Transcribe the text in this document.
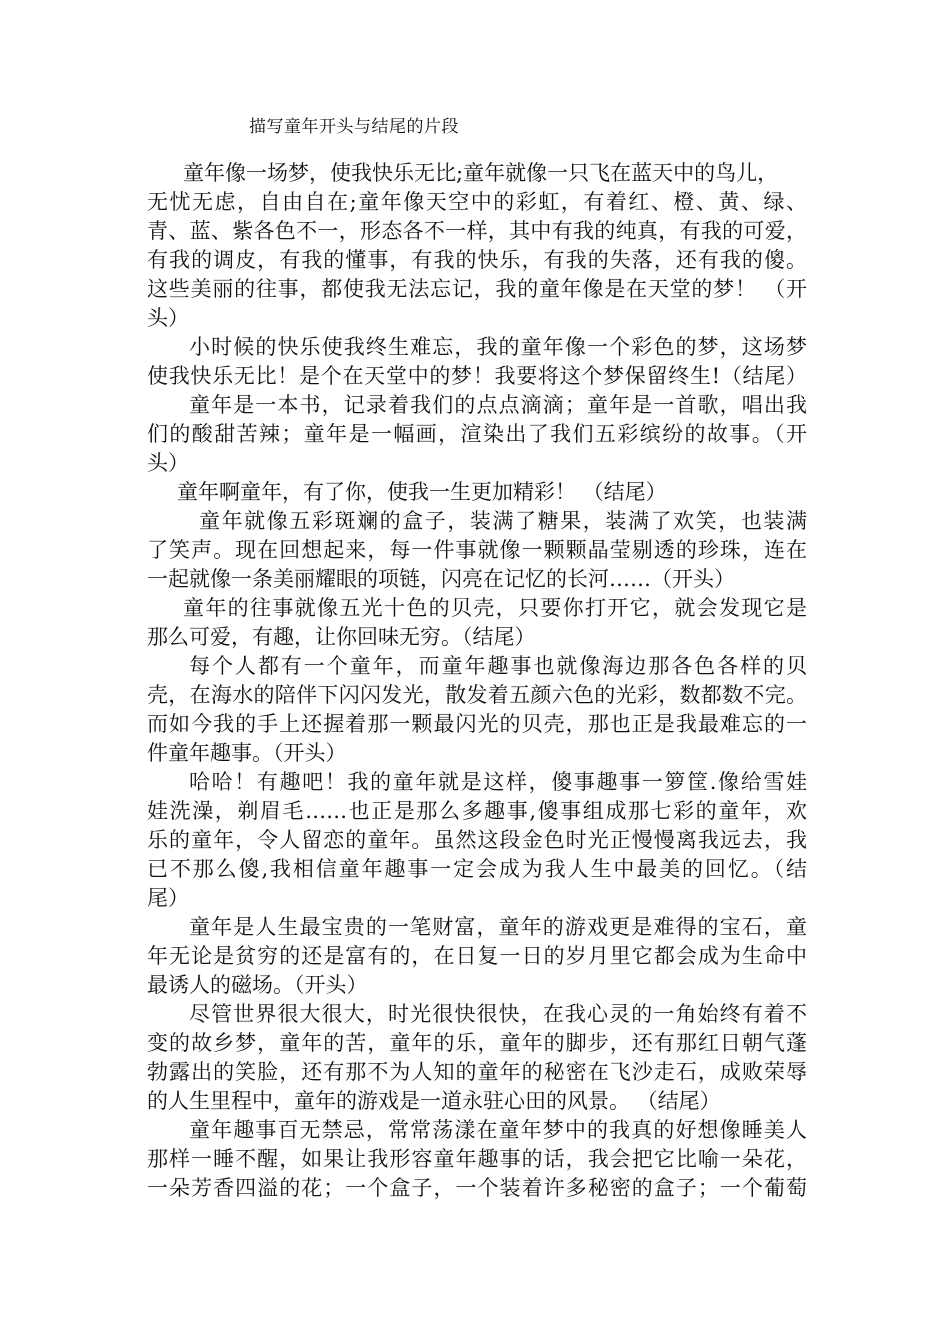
描写童年开头与结尾的片段
童年像一场梦，使我快乐无比;童年就像一只飞在蓝天中的鸟儿，
无忧无虑，自由自在;童年像天空中的彩虹，有着红、橙、黄、绿、
青、蓝、紫各色不一，形态各不一样，其中有我的纯真，有我的可爱，
有我的调皮，有我的懂事，有我的快乐，有我的失落，还有我的傻。
这些美丽的往事，都使我无法忘记，我的童年像是在天堂的梦！ （开
头）
小时候的快乐使我终生难忘，我的童年像一个彩色的梦，这场梦
使我快乐无比！是个在天堂中的梦！我要将这个梦保留终生!（结尾）
童年是一本书，记录着我们的点点滴滴；童年是一首歌，唱出我
们的酸甜苦辣；童年是一幅画，渲染出了我们五彩缤纷的故事。（开
头）
童年啊童年，有了你，使我一生更加精彩！ （结尾）
童年就像五彩斑斓的盒子，装满了糖果，装满了欢笑，也装满
了笑声。现在回想起来，每一件事就像一颗颗晶莹剔透的珍珠，连在
一起就像一条美丽耀眼的项链，闪亮在记忆的长河……（开头）
童年的往事就像五光十色的贝壳，只要你打开它，就会发现它是
那么可爱，有趣，让你回味无穷。（结尾）
每个人都有一个童年，而童年趣事也就像海边那各色各样的贝
壳，在海水的陪伴下闪闪发光，散发着五颜六色的光彩，数都数不完。
而如今我的手上还握着那一颗最闪光的贝壳，那也正是我最难忘的一
件童年趣事。（开头）
哈哈！有趣吧！我的童年就是这样，傻事趣事一箩筐.像给雪娃
娃洗澡，剃眉毛……也正是那么多趣事,傻事组成那七彩的童年，欢
乐的童年，令人留恋的童年。虽然这段金色时光正慢慢离我远去，我
已不那么傻,我相信童年趣事一定会成为我人生中最美的回忆。（结
尾）
童年是人生最宝贵的一笔财富，童年的游戏更是难得的宝石，童
年无论是贫穷的还是富有的，在日复一日的岁月里它都会成为生命中
最诱人的磁场。（开头）
尽管世界很大很大，时光很快很快，在我心灵的一角始终有着不
变的故乡梦，童年的苦，童年的乐，童年的脚步，还有那红日朝气蓬
勃露出的笑脸，还有那不为人知的童年的秘密在飞沙走石，成败荣辱
的人生里程中，童年的游戏是一道永驻心田的风景。 （结尾）
童年趣事百无禁忌，常常荡漾在童年梦中的我真的好想像睡美人
那样一睡不醒，如果让我形容童年趣事的话，我会把它比喻一朵花，
一朵芳香四溢的花；一个盒子，一个装着许多秘密的盒子；一个葡萄
